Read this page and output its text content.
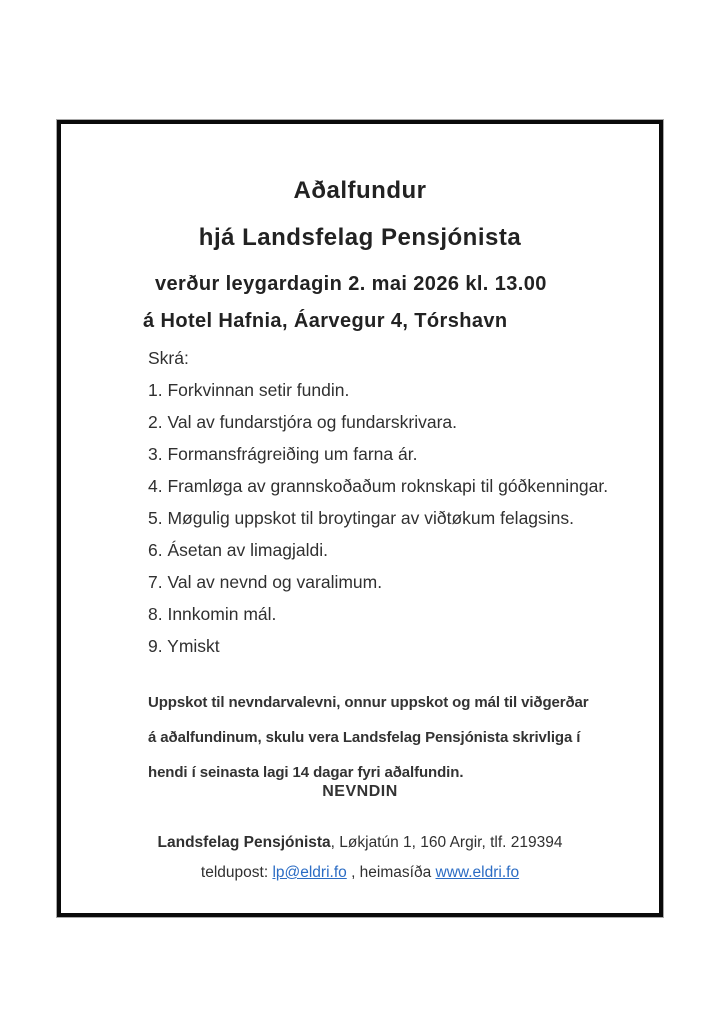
Aðalfundur
hjá Landsfelag Pensjónista
verður leygardagin 2. mai 2026 kl. 13.00
á Hotel Hafnia, Áarvegur 4, Tórshavn
Skrá:
1. Forkvinnan setir fundin.
2. Val av fundarstjóra og fundarskrivara.
3. Formansfrágreiðing um farna ár.
4. Framløga av grannskoðaðum roknskapi til góðkenningar.
5. Møgulig uppskot til broytingar av viðtøkum felagsins.
6. Ásetan av limagjaldi.
7. Val av nevnd og varalimum.
8. Innkomin mál.
9. Ymiskt
Uppskot til nevndarvalevni, onnur uppskot og mál til viðgerðar
á aðalfundinum, skulu vera Landsfelag Pensjónista skrivliga í
hendi í seinasta lagi 14 dagar fyri aðalfundin.
NEVNDIN
Landsfelag Pensjónista, Løkjatún 1, 160 Argir, tlf. 219394
teldupost: lp@eldri.fo , heimasíða www.eldri.fo
